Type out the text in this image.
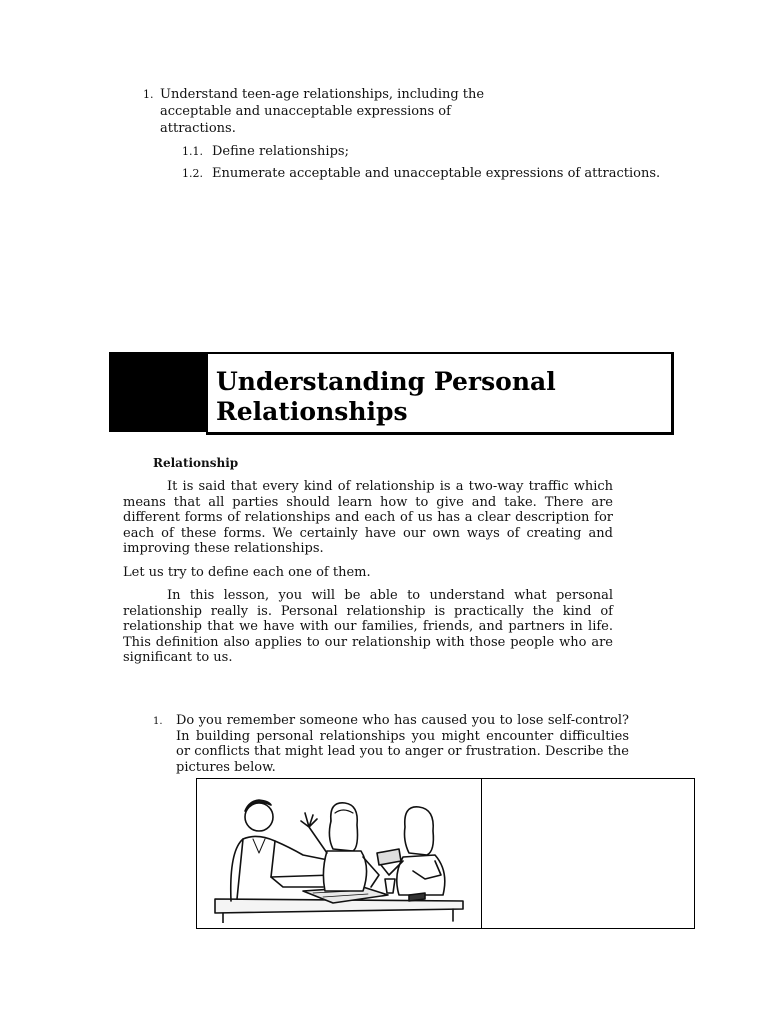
1. Understand teen-age relationships, including the acceptable and unacceptable expressions of attractions.
1.1. Define relationships;
1.2. Enumerate acceptable and unacceptable expressions of attractions.
Understanding Personal
Relationships
Relationship
It is said that every kind of relationship is a two-way traffic which means that all parties should learn how to give and take. There are different forms of relationships and each of us has a clear description for each of these forms. We certainly have our own ways of creating and improving these relationships.
Let us try to define each one of them.
In this lesson, you will be able to understand what personal relationship really is. Personal relationship is practically the kind of relationship that we have with our families, friends, and partners in life. This definition also applies to our relationship with those people who are significant to us.
1. Do you remember someone who has caused you to lose self-control? In building personal relationships you might encounter difficulties or conflicts that might lead you to anger or frustration. Describe the pictures below.
